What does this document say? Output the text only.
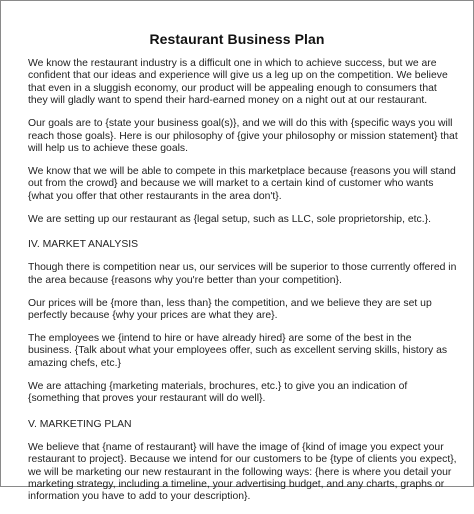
Restaurant Business Plan

We know the restaurant industry is a difficult one in which to achieve success, but we are confident that our ideas and experience will give us a leg up on the competition. We believe that even in a sluggish economy, our product will be appealing enough to consumers that they will gladly want to spend their hard-earned money on a night out at our restaurant.

Our goals are to {state your business goal(s)}, and we will do this with {specific ways you will reach those goals}. Here is our philosophy of {give your philosophy or mission statement} that will help us to achieve these goals.

We know that we will be able to compete in this marketplace because {reasons you will stand out from the crowd} and because we will market to a certain kind of customer who wants {what you offer that other restaurants in the area don't}.

We are setting up our restaurant as {legal setup, such as LLC, sole proprietorship, etc.}.

IV. MARKET ANALYSIS

Though there is competition near us, our services will be superior to those currently offered in the area because {reasons why you're better than your competition}.

Our prices will be {more than, less than} the competition, and we believe they are set up perfectly because {why your prices are what they are}.

The employees we {intend to hire or have already hired} are some of the best in the business. {Talk about what your employees offer, such as excellent serving skills, history as amazing chefs, etc.}

We are attaching {marketing materials, brochures, etc.} to give you an indication of {something that proves your restaurant will do well}.

V. MARKETING PLAN

We believe that {name of restaurant} will have the image of {kind of image you expect your restaurant to project}. Because we intend for our customers to be {type of clients you expect}, we will be marketing our new restaurant in the following ways: {here is where you detail your marketing strategy, including a timeline, your advertising budget, and any charts, graphs or information you have to add to your description}.
